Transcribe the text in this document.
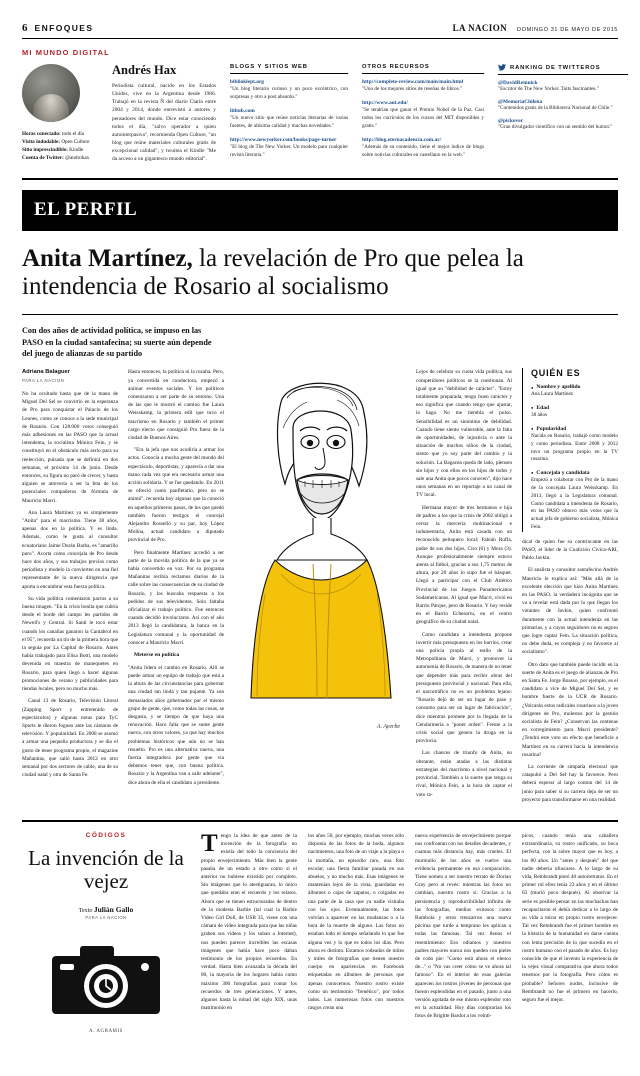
6 ENFOQUES	LA NACION DOMINGO 31 DE MAYO DE 2015
MI MUNDO DIGITAL
Horas conectado: todo el día
Visita indudable: Open Culture
Sitio imprescindible: Kindle
Cuenta de Twitter: @androhax
Andrés Hax
Periodista cultural, nacido en los Estados Unidos, vive en la Argentina desde 1986. Trabajó en la revista Ñ del diario Clarín entre 2004 y 2014, donde entrevistó a autores y pensadores del mundo. Dice estar conociendo todos el día, "salvo operador a quien autointerpasiva", recomienda Open Culture, "un blog que reúne materiales culturales gratis de excepcional calidad", y twuitea el Kindle "Me da acceso a un gigantesco mundo editorial".
BLOGS Y SITIOS WEB
biblioklept.org
"Un blog literario curioso y un poco excéntrico, con sorpresas y otro a post absurdo."
lithub.com
"Un nuevo sitio que reúne noticias literarias de varias fuentes, de altísima calidad y muchas novedades."
http://www.newyorker.com/books/page-turner
"El blog de The New Yorker. Un modelo para cualquier revista literaria."
OTROS RECURSOS
http://complete-review.com/main/main.html
"Uno de los mejores sitios de reseñas de libros."
http://www.aut.edu/
"Se tendrían que ganar el Premio Nobel de la Paz. Casi todos los currículos de los cursos del MIT disponibles y gratis."
http://blog.eternacadencia.com.ar/
"Además de su contenido, tiene el mejor índice de blogs sobre noticias culturales en castellano en la web."
RANKING DE TWITTEROS
@DavidRemnick
"Escritor de The New Yorker. Tuits fascinantes."
@MemoriaChilena
"Contenidos gratis de la Biblioteca Nacional de Chile."
@pickover
"Gran divulgador científico con un sentido del humor."
EL PERFIL
Anita Martínez, la revelación de Pro que pelea la intendencia de Rosario al socialismo
Con dos años de actividad política, se impuso en las PASO en la ciudad santafecina; su suerte aún depende del juego de alianzas de su partido
Adriana Balaguer
PARA LA NACION

No ha ocultado hasta que de la mano de Miguel Del Sel se convirtió en la esperanza de Pro para conquistar el Palacio de los Leones, como se conoce a la sede municipal de Rosario. Con 128.000 votos conseguió más adhesiones en las PASO que la actual intendenta, la socialista Mónica Fein, y se constituyó en el obstáculo más serio para su reelección, pulsada que se definirá en dos semanas, el próximo 14 de junio. Desde entonces, su figura no paró de crecer, y hasta alguien se atrevería a ser la feta de los potenciales compañeros de fórmula de Mauricio Macri.

Ana Laura Martínez ya es simplemente "Anita" para el macrismo. Tiene 38 años, apenas dos en la política. Y es linda. Además, como le gusta al consultor ecuatoriano Jaime Durán Barba, es "amarillo puro". Acorta como concejala de Pro desde hace dos años, y sus trabajos previos como periodista y modelo la convierten en una fiel representante de la nueva dirigencia que aporta a encumbrar esta fuerza política.

Su vida política comentaron pactos a su buena imagen. "En la crisis bonita que cubría desde el borde del campo les partidos de Newell's y Central. Si Santi le tocó estar cuando los canallas ganaron la Cantabrol en el 95", recuerda un tín de la primera hora que la seguía por La Capital de Rosario. Antes había trabajado para Elisa Botti, una modelo devenida en maestra de manequetes en Rosario, para quien llegó a hacer algunas promociones de verano y publicidades para tiendas locales, pero no mucho más.

Canal 13 de Rosario, Televisión Litoral (Zapping Sport y entretenido de espectáculos) y algunas notas para TyC Sports le dieron fogueo ante las cámaras de televisión. Y popularidad. En 2008 se asomó a armar una pequeña productora y se dio el gusto de tener programa propio, el magazine Mañanitas, que salió hasta 2012 en otro semanal por dos sectores de cable, una de su ciudad natal y otra de Santa Fe.

Hasta entonces, la política ni la rozaba. Pero, ya convertida en conductora, empezó a animar eventos sociales. Y los políticos comenzaron a ser parte de su entorno. Una de las que le mostró el camino fue Laura Weisskamp, la primera edil que tuvo el macrismo en Rosario y también el primer cargo electo que consiguió Pro fuera de la ciudad de Buenos Aires.

"Era la jefa que nos acudiría a armar los actos. Conocía a mucha gente del mundo del espectáculo, deportistas, y aparecía a dar una mano cada vez que era necesario armar una acción solidaria. Y se fue quedando. En 2011 se ofreció como panfletario, pero no se animó", recuerda hoy algunas que la conoció en aquellos primeros pasos, de los que quedó también fueron testigos el concejal Alejandro Rosselló y su par, hoy López Molina, actual candidato a diputado provincial de Pro.

Pero finalmente Martínez accedió a ser parte de la movida política de la que ya se había convertido en voz. Por su programa Mañanitas recibía reclamos diarios de la calle sobre las consecuencias de su ciudad de Rosario, y los buscaba respuesta a los pedidos de sus televidentes. Solo faltaba oficializar el trabajo político. Fue entonces cuando decidió involucrarse. Así con el año 2013 llegó la candidatura, la banca en la Legislatura comunal y la oportunidad de conocer a Mauricio Macri.

Meterse en política

"Anita lidera el cambio en Rosario. Allí se puede armar un equipo de trabajo que está a la altura de las circunstancias para gobernar una ciudad tan linda y tan pujante. Ya son demasiados años gobernados por el mismo grupo de gente, que, como todas las cosas, se desgasta, y se tiempo de que haya una renovación. Hace falta que se sume gente nueva, con otros valores, ya que hay muchos problemas históricos que aún no se han resuelto. Pro es una alternativa nueva, una fuerza integradora por gente que via debemos tener que, con buena política. Rosario y la Argentina van a salir adelante", dice ahora de ella el candidato a presidente.

A. Ayerbe

Lejos de celebrar su cuota vida política, sus competidores políticos se la cuestionan. Al igual que su "debilidad de carácter". "Estoy totalmente preparada, tengo buen carácter y eso significa que cuando tengo que ajustar, lo hago. No me tiembla el pulso. Sensibilidad es un sinónimo de debilidad. Cuando tiene siento vulnerable, ante la falta de oportunidades, de injusticia o ante la situación de muchos niños de la ciudad, siento que yo soy parte del cambio y la solución. La Bagacea queda de lado, piensen sin hijos y con ellos en los hijos de todos y sale una Anita que pocos conocen", dijo hace unos semanas en un reportaje a un canal de TV local.

Hermana mayor de tres hermanos e hija de padres a los que la crisis de 2002 obligó a cerrar la mercería multinacional e indumentaria, Anita está casada con un reconocido peluquero local: Fabián Ruffa, padre de sus dos hijos, Ciro (6) y Mora (3). Aunque profesionalmente siempre estuvo atenta al fútbol, gracias a sus 1,75 metros de altura, por 20 años lo supo fue el básquet. Llegó a participar con el Club Atlético Provincial de los Juegos Panamericanos Sudamericanos. Al igual que Macri, vivió en Barrio Parque, pero de Rosario. Y hoy reside en el Barrio Echesortu, en el centro geográfico de su ciudad natal.

Como candidata a intendenta propone invertir más presupuesto en los barrios, crear una policía propia al estilo de la Metropolitana de Macri, y promover la autonomía de Rosario, de manera de no tener que depender más para recibir obras del presupuesto provincial y nacional. Para ella, el narcotráfico no es un problema lejano: "Rosario dejó de ser un lugar de paso y consumo para ser un lugar de fabricación", dice mientras promete por la llegada de la Gendarmería a "poner orden". Frente a la crisis social que genera la droga en la provincia.

Las chances de triunfo de Anita, no obstante, están atadas a las distintas estrategias del macrismo a nivel nacional y provincial. También a la suerte que tenga su rival, Mónica Fein, a la hora de captar el voto ra-

QUIÉN ES
● Nombre y apellido
Ana Laura Martínez
● Edad
38 años
● Popularidad
Nacida en Rosario, trabajó como modelo y como periodista. Entre 2008 y 2012 tuvo un programa propio en la TV rosarina.
● Concejala y candidata
Empezó a colaborar con Pro de la mano de la concejala Laura Weisskamp. En 2013, llegó a la Legislatura comunal. Como candidata a intendenta de Rosario, en las PASO obtuvo más votos que la actual jefa de gobierno socialista, Mónica Fein.

dical de quien fue su contrincante en las PASO, el líder de la Coalición Cívica-ARI, Pablo Javkin.

El analista y consultor santafecino Andrés Mauricio le explica así: "Más allá de la excelente elección que hizo Anita Martínez en las PASO, la verdadera incógnita que se va a revelar está dada por lo que llegan los votantes de Javkin, quien confrontó duramente con la actual intendenta en las primarias, y a cuyos seguidores no es seguro que logre captar Fein. La situación política, no debe duda, es compleja y no favorece al socialismo".

Otro dato que también puede incidir en la suerte de Anita es el juego de alianzas de Pro en Santa Fe. Jorge Boasso, por ejemplo, es el candidato a vice de Miguel Del Sel, y es hombre fuerte de la UCR de Rosario. ¿Volcarán estos radicales rosarinos a la joven dirigente de Pro, molestos por la gestión socialista de Fein? ¿Conservan las centenas en corregimiento para Macri presidente? ¿Tendrá este voto un efecto que beneficie a Martínez en su carrera hacia la intendencia rosarina?

La corriente de simpatía electoral que catapultó a Del Sel hay la favorece. Pero deberá esperar al largo contun del 14 de junio para saber si su carrera deja de ser un proyecto para transformarse en una realidad.

CÓDIGOS
La invención de la vejez
Texto Julián Gallo
PARA LA NACION
A. AGRAMIS
Tengo la idea de que antes de la invención de la fotografía no existía del todo la conciencia del propio envejecimiento. Más bien la gente pasaba de un estado a otro como si el anterior no hubiese existido por completo. Sin imágenes que lo atestiguaran, lo único que quedaba eran el recuerdo y los relatos. Ahora que se tienen estructuradas de dentro de la modesta Barbie (tal cual la Barbie Video Girl Doll, de USB 35, viene con una cámara de video integrada para que las niñas graben sus videos y los suban a Internet), nos pueden parecer increíbles las escasas imágenes que había hace poco daban testimonio de los propios recuerdos. En verdad. Hasta bien avanzada la década del 80, la mayoría de los hogares había como máximo 300 fotografías para contar los recuerdos de tres generaciones. Y antes, algunos hasta la mitad del siglo XIX, unas matrimonio en
los años 50, por ejemplo, muchas veces sólo disponía de las fotos de la boda, algunos nacimientos, una foto de un viaje a la playa o la mortaña, un episodio raro, una foto escolar, una fiesta familiar pasada en sus abuelos, y no mucho más. Esas imágenes se mantenían lejos de la vista, guardadas en álbumes o cajas de zapatos, o colgadas en una parte de la casa que ya nadie visitaba con los ojos. Eventualmente, las fotos volvían a aparecer en las mudanzas o a la hora de la muerte de alguno. Las fotos no estaban todo el tiempo señalando lo que fue alguna vez y lo que es todos los días. Pero ahora es distinto. Estamos rodeados de miles y miles de fotografías que tienen nuestro cuerpo en apariencias en Facebook etiquetadas en álbumes de personas que apenas conocemos. Nuestro rostro existe como un testimonio "frenético", por todos lados. Las numerosas fotos con nuestros rasgos crean una
nueva experiencia de envejecimiento porque nos confrontan con los detalles decadentes, y cuantas más distancia hay, más crueles. El murmullo de los años se vuelve una evidencia permanente en esa comparación. Tiene nomen o ser nuestro retrato de Dorian Gray pero al revés: mientras las fotos no cambian, nuestro rostro sí. Gracias a la persistencia y reproductibilidad infinita de las fotografías, medios exitosos como Rumbola y otros trenzarron una nueva pócima que turde a temprano les aplican a todas las famosas. Tal vez llenos el resentimiento: Eso odiamos y nuestros padres mayores nunca nos queden con pieles de codo pie: "Como está ahora el elenco de..." o "No vas creer cómo se ve ahora tal famoso". En el interior de esas galerías aparecen los rostros jóvenes de personas que fueron esplendidas en el pasado, junto a una versión agotada de ese mismo esplendor roto en la actualidad. Hoy días comprarían los fotos de Brigitte Bardot a los veinti-
picos, cuando tenía una caballera extraordinaria, su rostro unificado, su boca perfecta, con la sobre mayor que es hoy, a los 80 años. Un "antes y después" del que nadie debería ofuscarse. A lo largo de su vida, Rembrandt pintó 40 autorretratos. En el primer rol ellos tenía 23 años y en el último 63 (murió poco después). Al observar la serie es posible pensar en las muchachas han recapacitaron el debía dedicar a lo largo de su vida a mirar en propio rostro envejecer. Tal vez Rembrandt fue el primer hombre en la historia de la humanidad en darse cuenta con lenta precisión de lo que sucedía en el rostro humano con el pasado de años. Es hoy conocido de que el invento la experiencia de la vejez visual comparativa que ahora todos tenemos por la fotografía. Pero cómo es probable? Señores nudos, inclusive de Rembrandt no fue el primero en hacerlo, seguro fue el mejor.
